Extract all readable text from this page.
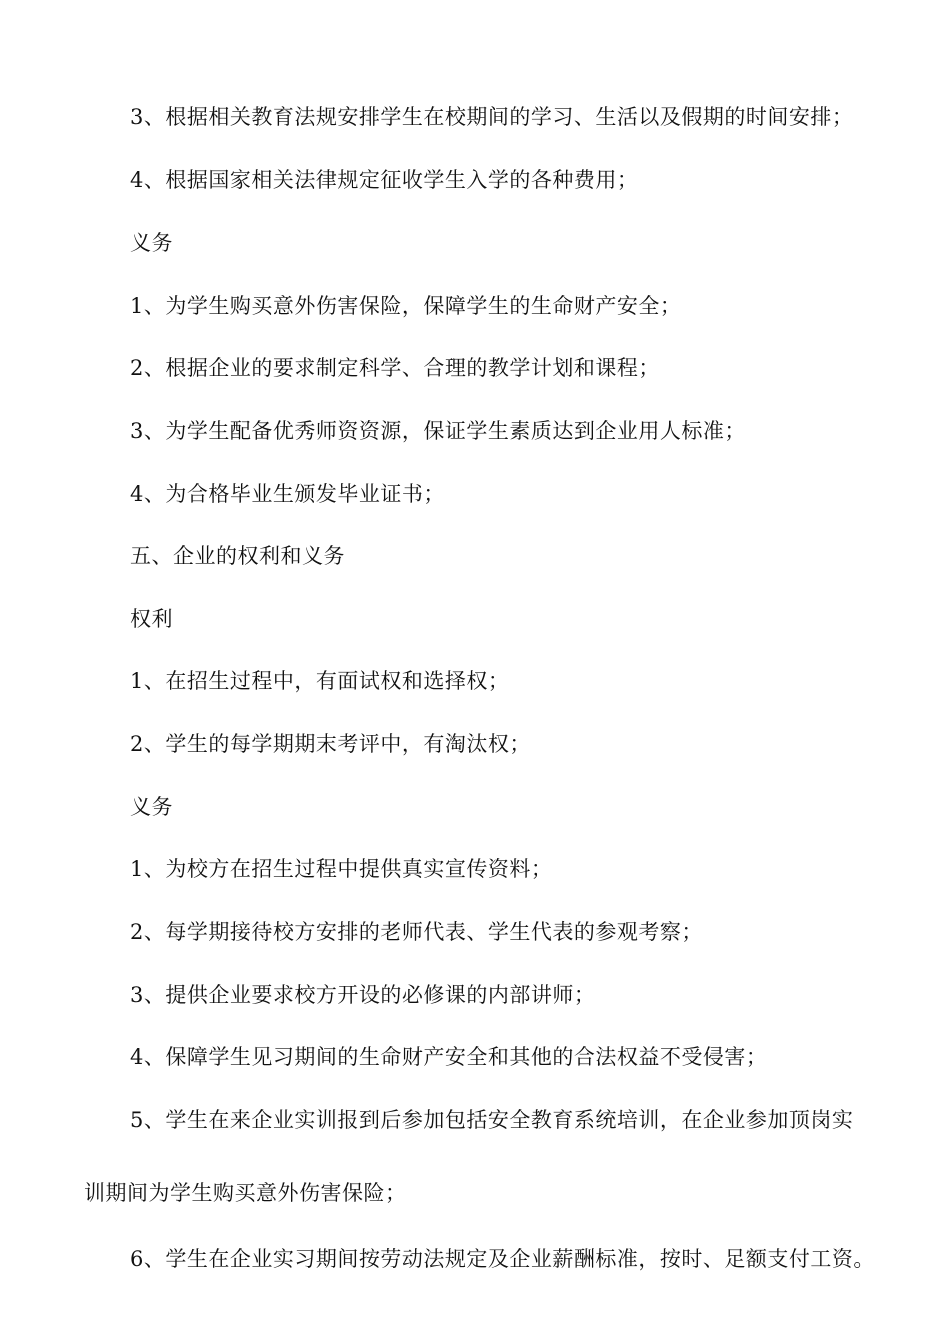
3、根据相关教育法规安排学生在校期间的学习、生活以及假期的时间安排；
4、根据国家相关法律规定征收学生入学的各种费用；
义务
1、为学生购买意外伤害保险，保障学生的生命财产安全；
2、根据企业的要求制定科学、合理的教学计划和课程；
3、为学生配备优秀师资资源，保证学生素质达到企业用人标准；
4、为合格毕业生颁发毕业证书；
五、企业的权利和义务
权利
1、在招生过程中，有面试权和选择权；
2、学生的每学期期末考评中，有淘汰权；
义务
1、为校方在招生过程中提供真实宣传资料；
2、每学期接待校方安排的老师代表、学生代表的参观考察；
3、提供企业要求校方开设的必修课的内部讲师；
4、保障学生见习期间的生命财产安全和其他的合法权益不受侵害；
5、学生在来企业实训报到后参加包括安全教育系统培训，在企业参加顶岗实
训期间为学生购买意外伤害保险；
6、学生在企业实习期间按劳动法规定及企业薪酬标准，按时、足额支付工资。
